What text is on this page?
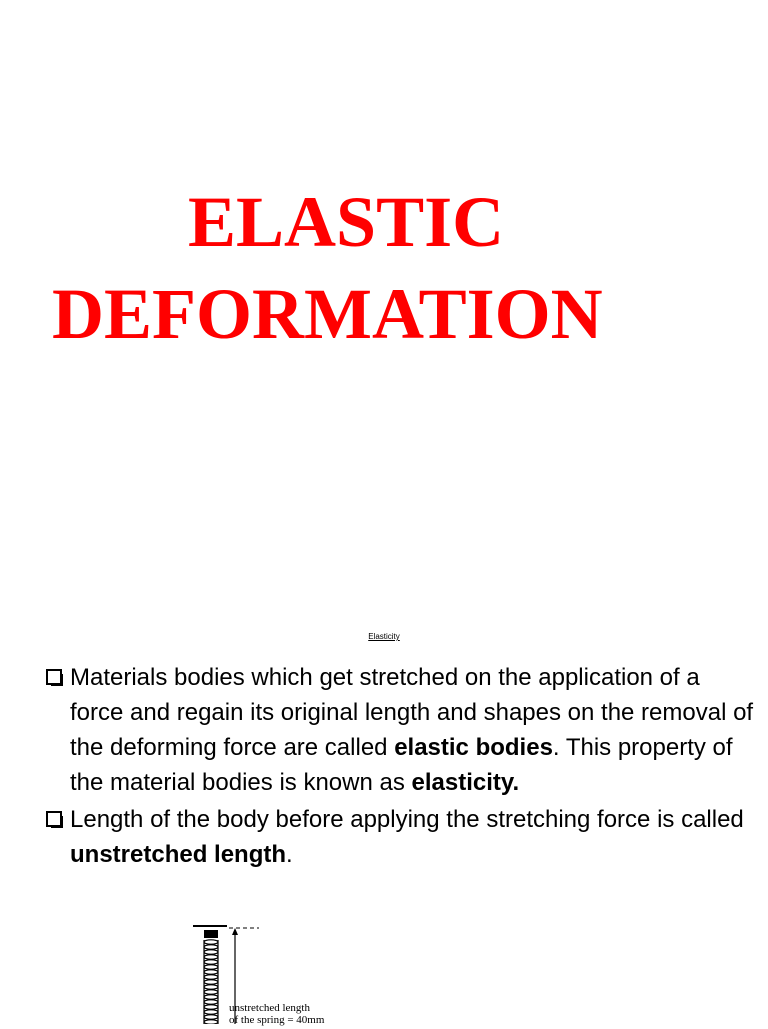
ELASTIC
DEFORMATION
Elasticity
Materials bodies which get stretched on the application of a force and regain its original length and shapes on the removal of the deforming force are called elastic bodies. This property of the material bodies is known as elasticity.
Length of the body before applying the stretching force is called unstretched length.
unstretched length
of the spring = 40mm
